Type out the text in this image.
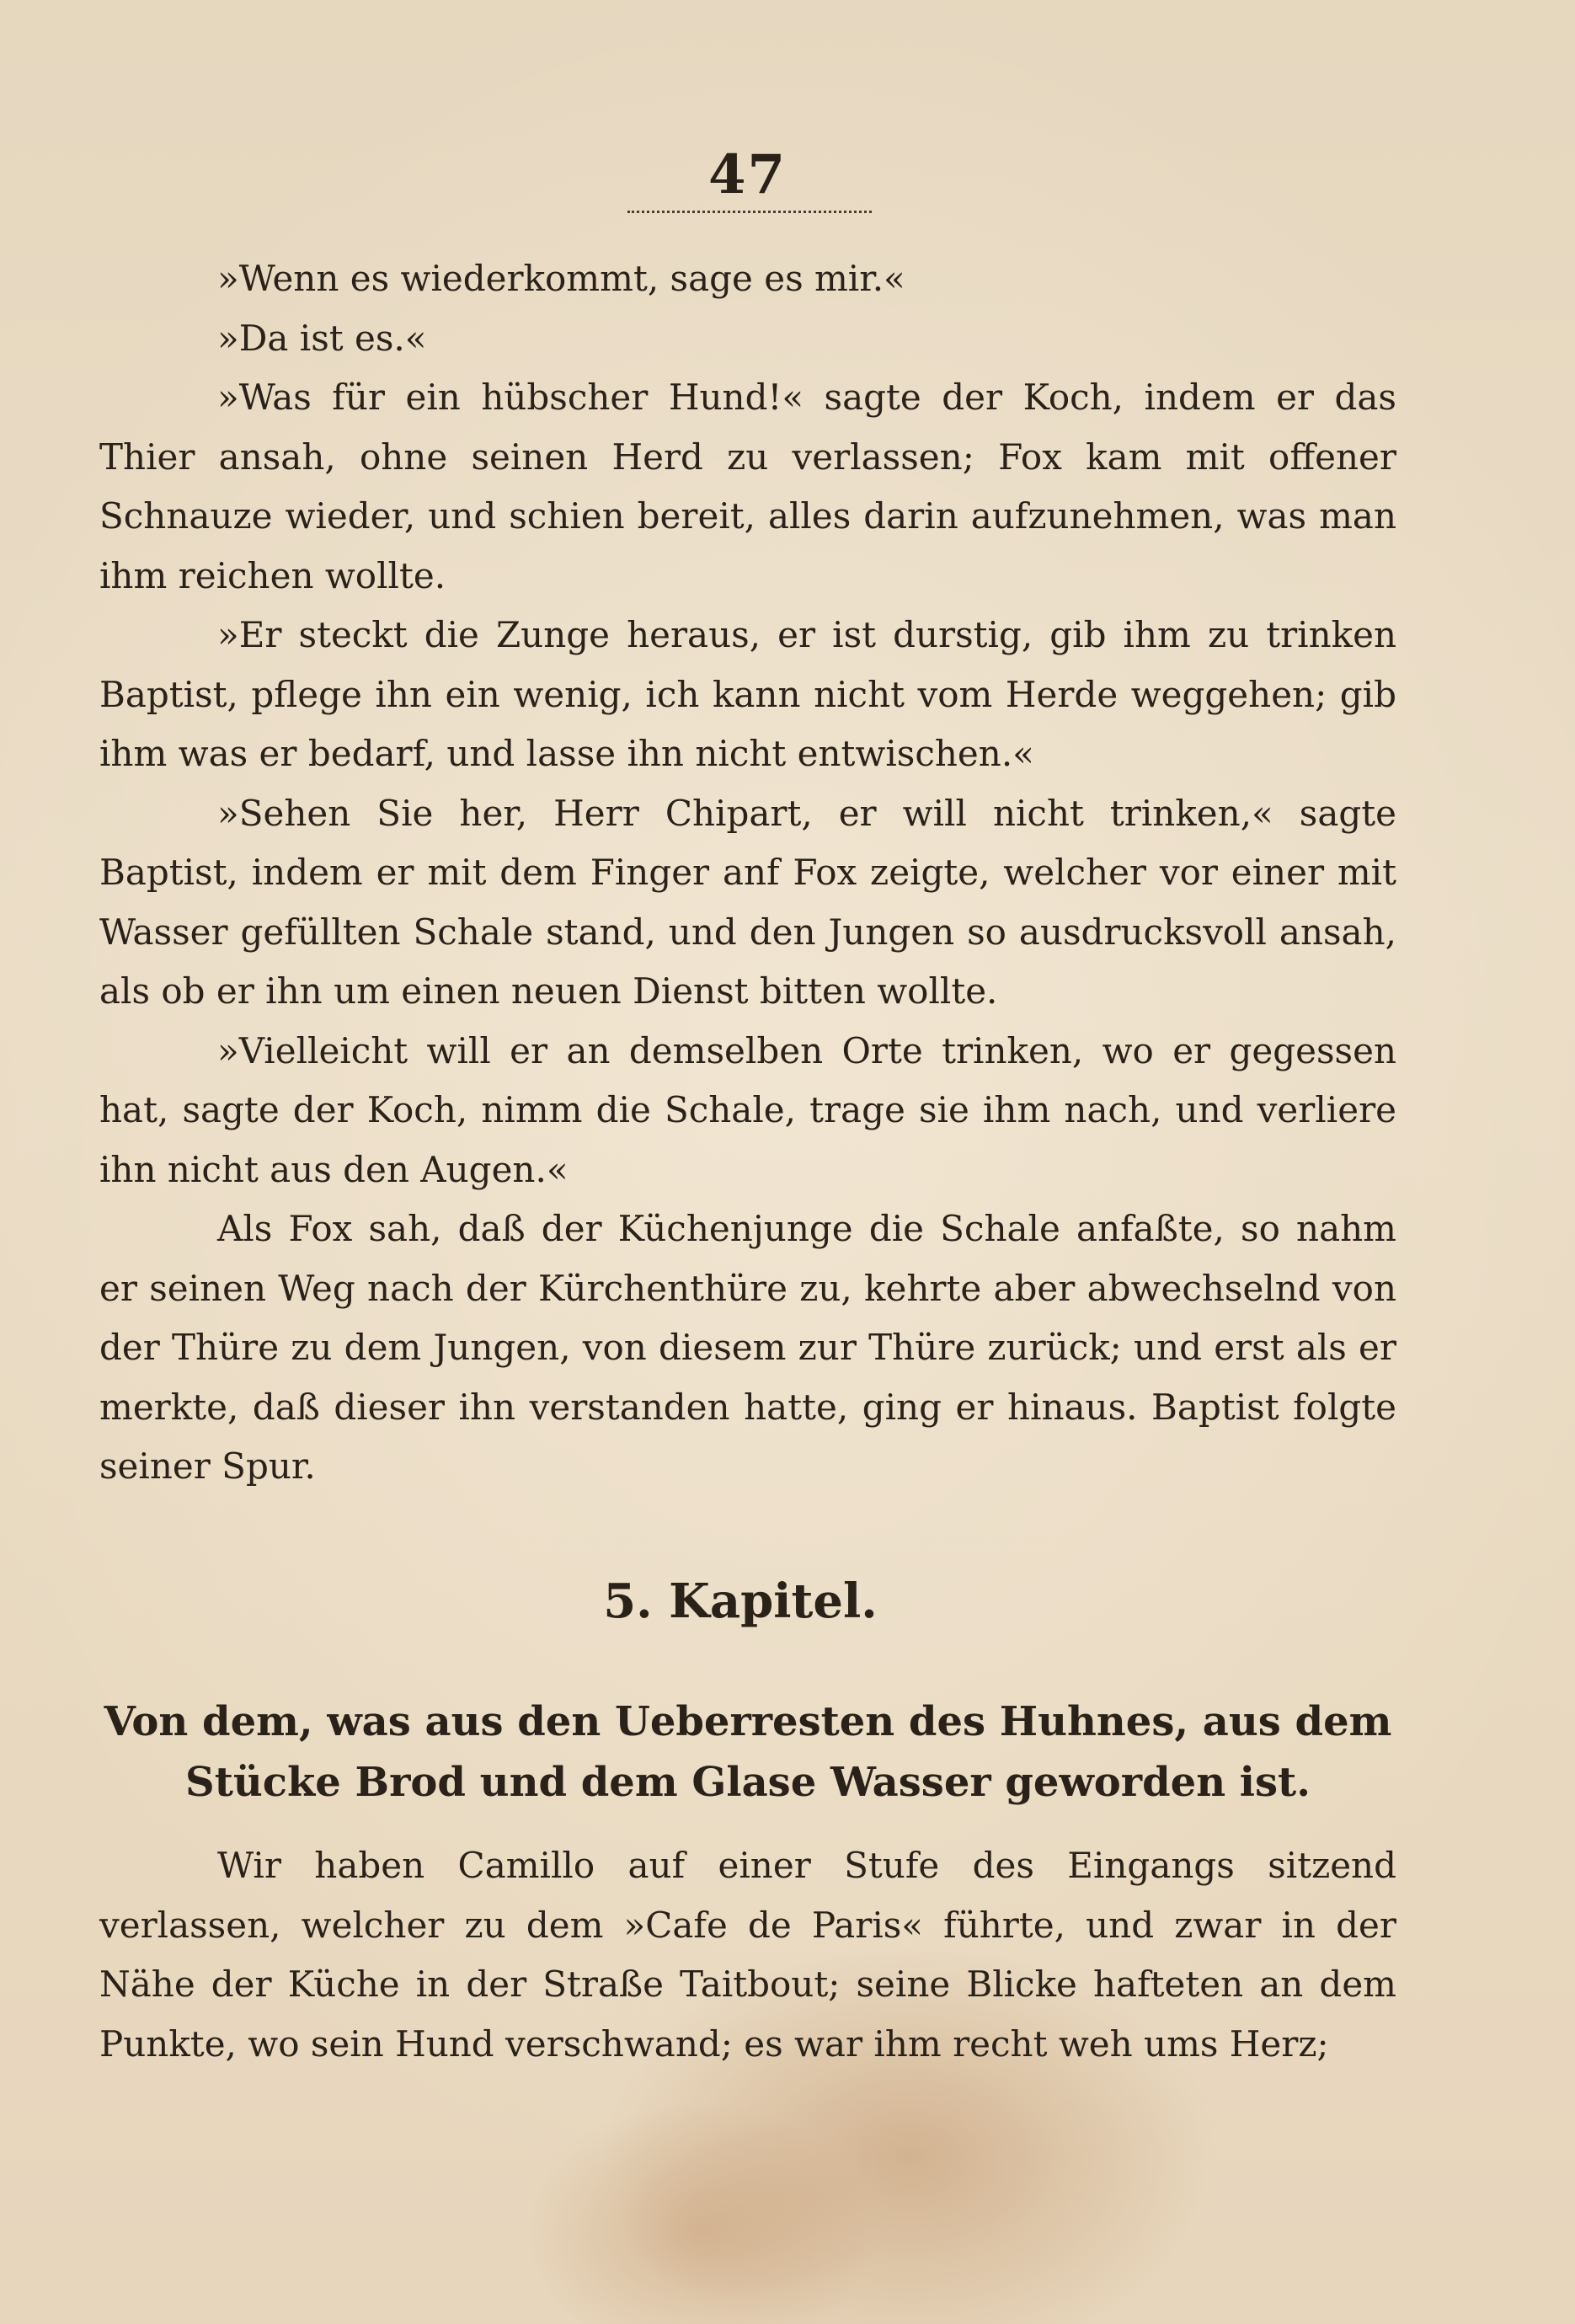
47

»Wenn es wiederkommt, sage es mir.«

»Da ist es.«

»Was für ein hübscher Hund!« sagte der Koch, indem er das Thier ansah, ohne seinen Herd zu verlassen; Fox kam mit offener Schnauze wieder, und schien bereit, alles darin aufzunehmen, was man ihm reichen wollte.

»Er steckt die Zunge heraus, er ist durstig, gib ihm zu trinken Baptist, pflege ihn ein wenig, ich kann nicht vom Herde weggehen; gib ihm was er bedarf, und lasse ihn nicht entwischen.«

»Sehen Sie her, Herr Chipart, er will nicht trinken,« sagte Baptist, indem er mit dem Finger anf Fox zeigte, welcher vor einer mit Wasser gefüllten Schale stand, und den Jungen so ausdrucksvoll ansah, als ob er ihn um einen neuen Dienst bitten wollte.

»Vielleicht will er an demselben Orte trinken, wo er gegessen hat, sagte der Koch, nimm die Schale, trage sie ihm nach, und verliere ihn nicht aus den Augen.«

Als Fox sah, daß der Küchenjunge die Schale anfaßte, so nahm er seinen Weg nach der Kürchenthüre zu, kehrte aber abwechselnd von der Thüre zu dem Jungen, von diesem zur Thüre zurück; und erst als er merkte, daß dieser ihn verstanden hatte, ging er hinaus. Baptist folgte seiner Spur.

5. Kapitel.
Von dem, was aus den Ueberresten des Huhnes, aus dem Stücke Brod und dem Glase Wasser geworden ist.

Wir haben Camillo auf einer Stufe des Eingangs sitzend verlassen, welcher zu dem »Cafe de Paris« führte, und zwar in der Nähe der Küche in der Straße Taitbout; seine Blicke hafteten an dem Punkte, wo sein Hund verschwand; es war ihm recht weh ums Herz;
